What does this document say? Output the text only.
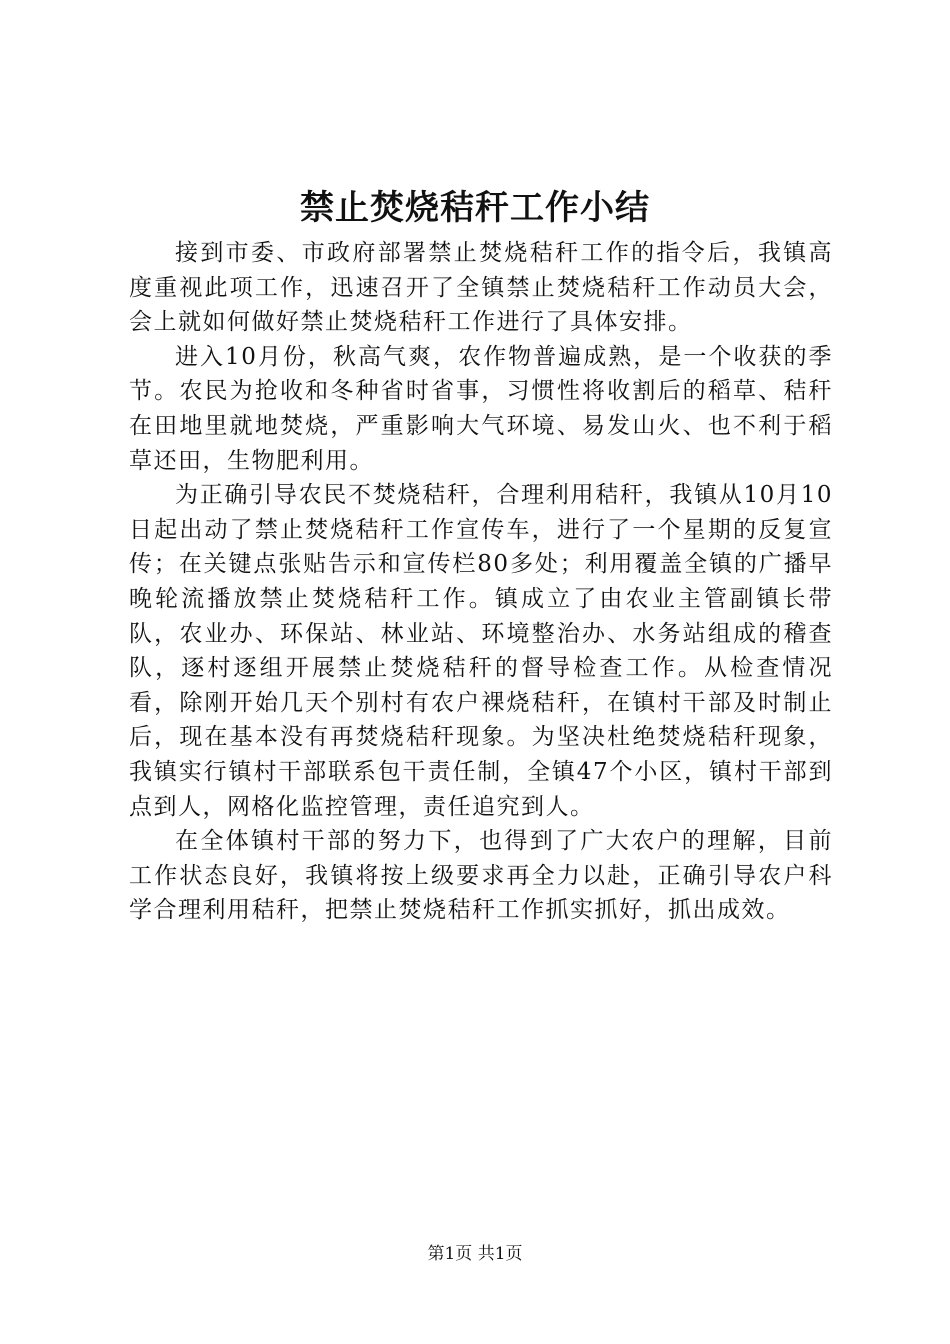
禁止焚烧秸秆工作小结

接到市委、市政府部署禁止焚烧秸秆工作的指令后，我镇高度重视此项工作，迅速召开了全镇禁止焚烧秸秆工作动员大会，会上就如何做好禁止焚烧秸秆工作进行了具体安排。

进入10月份，秋高气爽，农作物普遍成熟，是一个收获的季节。农民为抢收和冬种省时省事，习惯性将收割后的稻草、秸秆在田地里就地焚烧，严重影响大气环境、易发山火、也不利于稻草还田，生物肥利用。

为正确引导农民不焚烧秸秆，合理利用秸秆，我镇从10月10日起出动了禁止焚烧秸秆工作宣传车，进行了一个星期的反复宣传；在关键点张贴告示和宣传栏80多处；利用覆盖全镇的广播早晚轮流播放禁止焚烧秸秆工作。镇成立了由农业主管副镇长带队，农业办、环保站、林业站、环境整治办、水务站组成的稽查队，逐村逐组开展禁止焚烧秸秆的督导检查工作。从检查情况看，除刚开始几天个别村有农户裸烧秸秆，在镇村干部及时制止后，现在基本没有再焚烧秸秆现象。为坚决杜绝焚烧秸秆现象，我镇实行镇村干部联系包干责任制，全镇47个小区，镇村干部到点到人，网格化监控管理，责任追究到人。

在全体镇村干部的努力下，也得到了广大农户的理解，目前工作状态良好，我镇将按上级要求再全力以赴，正确引导农户科学合理利用秸秆，把禁止焚烧秸秆工作抓实抓好，抓出成效。

第1页 共1页
